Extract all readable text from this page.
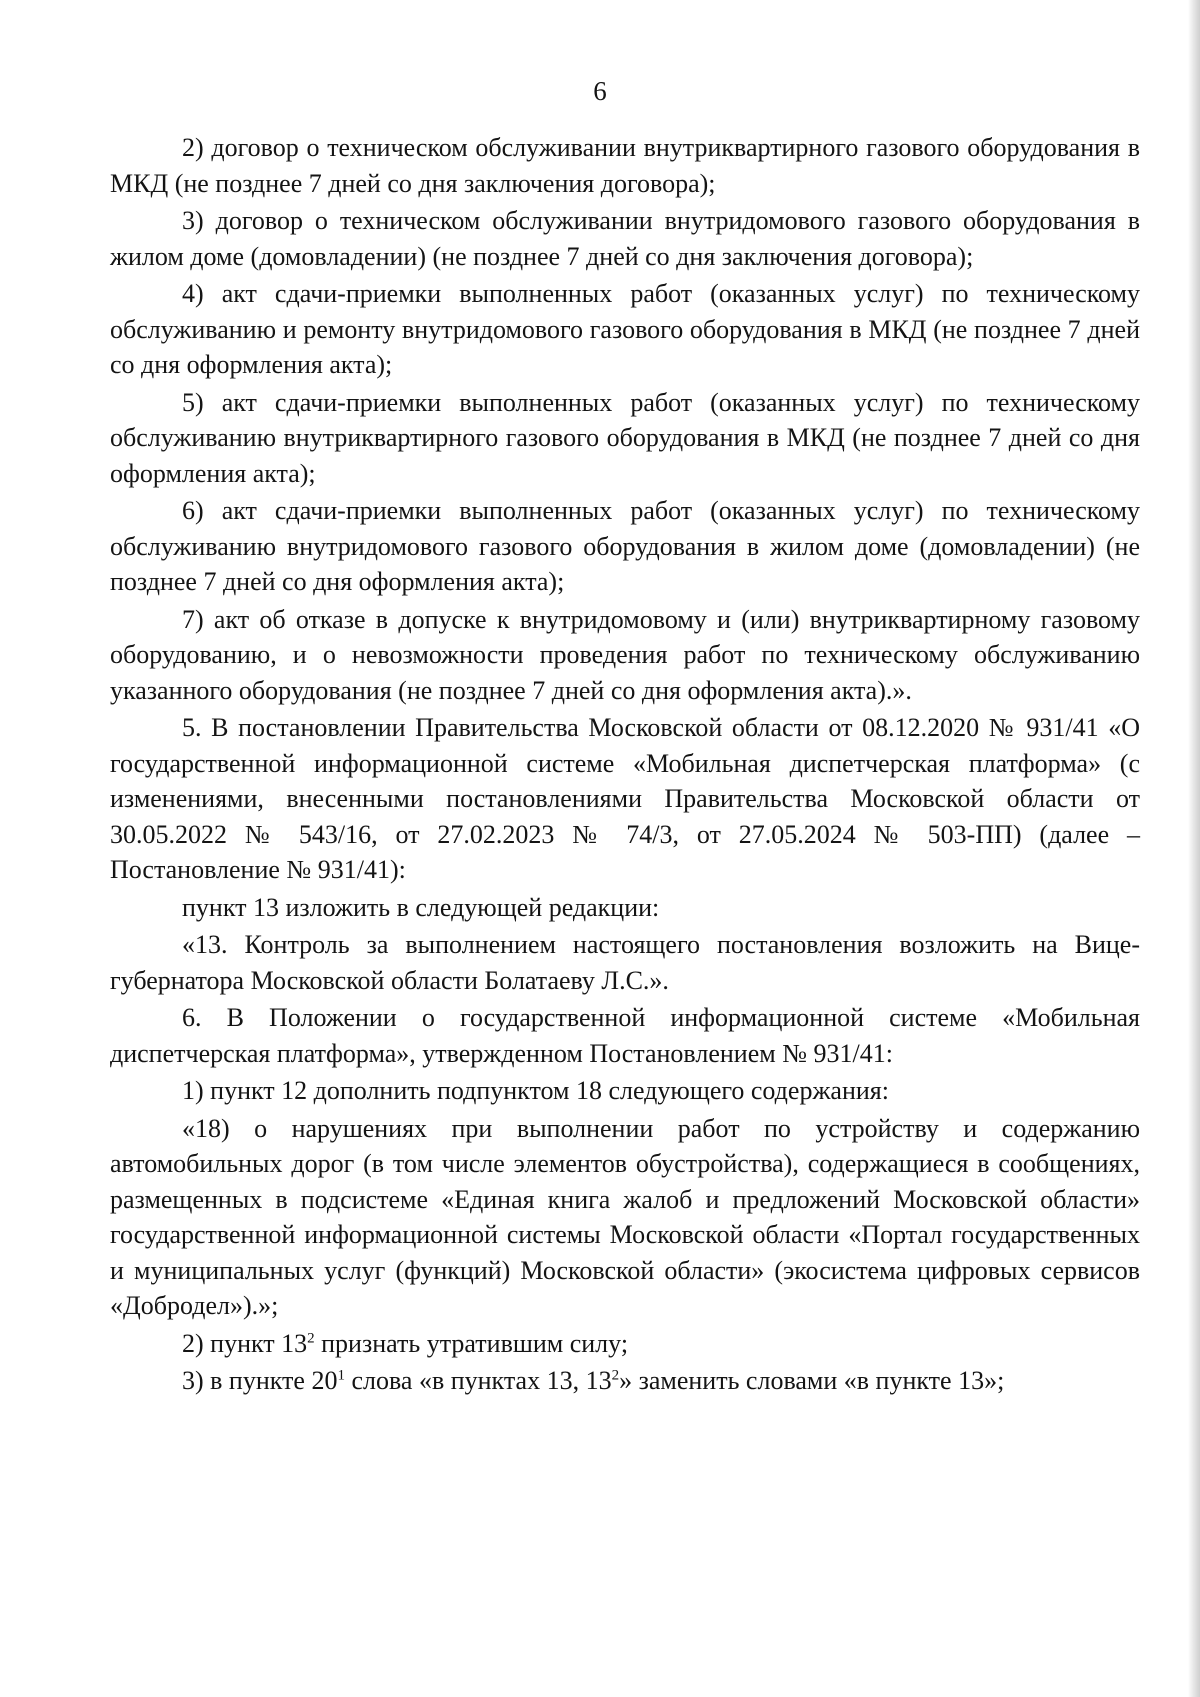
6

2) договор о техническом обслуживании внутриквартирного газового оборудования в МКД (не позднее 7 дней со дня заключения договора);

3) договор о техническом обслуживании внутридомового газового оборудования в жилом доме (домовладении) (не позднее 7 дней со дня заключения договора);

4) акт сдачи-приемки выполненных работ (оказанных услуг) по техническому обслуживанию и ремонту внутридомового газового оборудования в МКД (не позднее 7 дней со дня оформления акта);

5) акт сдачи-приемки выполненных работ (оказанных услуг) по техническому обслуживанию внутриквартирного газового оборудования в МКД (не позднее 7 дней со дня оформления акта);

6) акт сдачи-приемки выполненных работ (оказанных услуг) по техническому обслуживанию внутридомового газового оборудования в жилом доме (домовладении) (не позднее 7 дней со дня оформления акта);

7) акт об отказе в допуске к внутридомовому и (или) внутриквартирному газовому оборудованию, и о невозможности проведения работ по техническому обслуживанию указанного оборудования (не позднее 7 дней со дня оформления акта).».

5. В постановлении Правительства Московской области от 08.12.2020 № 931/41 «О государственной информационной системе «Мобильная диспетчерская платформа» (с изменениями, внесенными постановлениями Правительства Московской области от 30.05.2022 № 543/16, от 27.02.2023 № 74/3, от 27.05.2024 № 503-ПП) (далее – Постановление № 931/41):

пункт 13 изложить в следующей редакции:

«13. Контроль за выполнением настоящего постановления возложить на Вице-губернатора Московской области Болатаеву Л.С.».

6. В Положении о государственной информационной системе «Мобильная диспетчерская платформа», утвержденном Постановлением № 931/41:

1) пункт 12 дополнить подпунктом 18 следующего содержания:

«18) о нарушениях при выполнении работ по устройству и содержанию автомобильных дорог (в том числе элементов обустройства), содержащиеся в сообщениях, размещенных в подсистеме «Единая книга жалоб и предложений Московской области» государственной информационной системы Московской области «Портал государственных и муниципальных услуг (функций) Московской области» (экосистема цифровых сервисов «Добродел»).»;

2) пункт $13^2$ признать утратившим силу;

3) в пункте $20^1$ слова «в пунктах 13, $13^2$» заменить словами «в пункте 13»;
